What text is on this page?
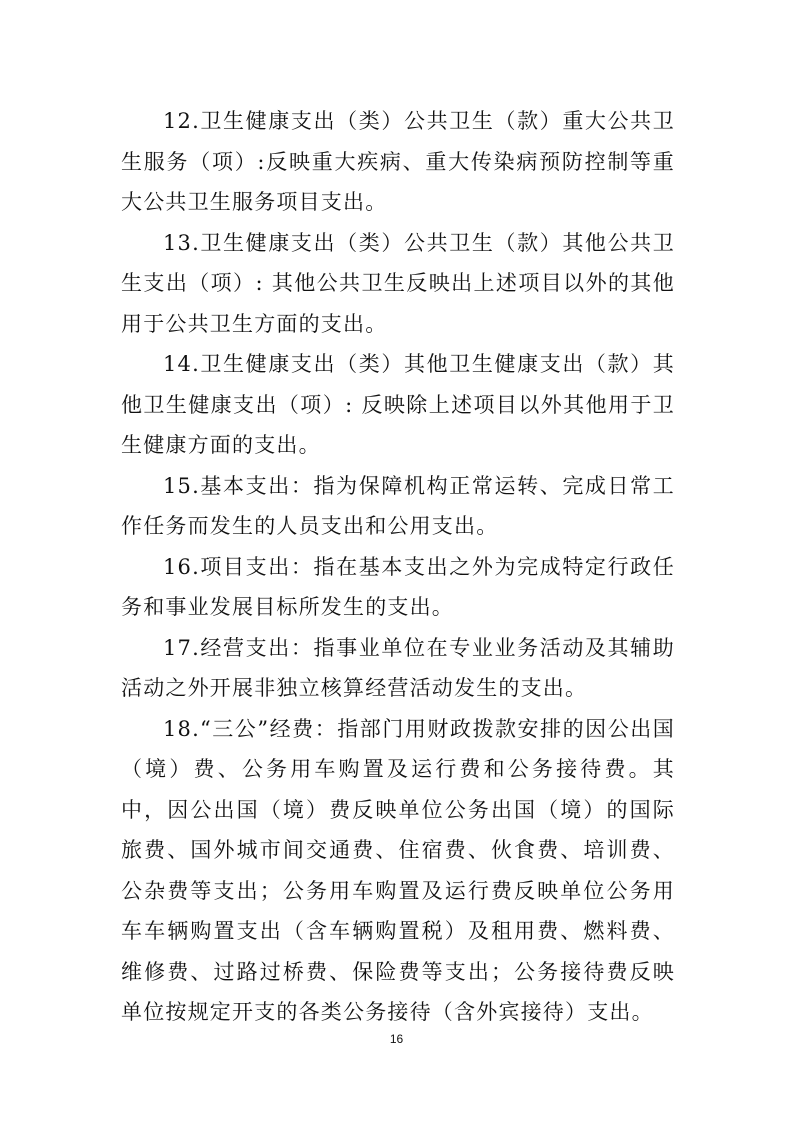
12.卫生健康支出（类）公共卫生（款）重大公共卫生服务（项）:反映重大疾病、重大传染病预防控制等重大公共卫生服务项目支出。

13.卫生健康支出（类）公共卫生（款）其他公共卫生支出（项）: 其他公共卫生反映出上述项目以外的其他用于公共卫生方面的支出。

14.卫生健康支出（类）其他卫生健康支出（款）其他卫生健康支出（项）: 反映除上述项目以外其他用于卫生健康方面的支出。

15.基本支出：指为保障机构正常运转、完成日常工作任务而发生的人员支出和公用支出。

16.项目支出：指在基本支出之外为完成特定行政任务和事业发展目标所发生的支出。

17.经营支出：指事业单位在专业业务活动及其辅助活动之外开展非独立核算经营活动发生的支出。

18.“三公”经费：指部门用财政拨款安排的因公出国（境）费、公务用车购置及运行费和公务接待费。其中，因公出国（境）费反映单位公务出国（境）的国际旅费、国外城市间交通费、住宿费、伙食费、培训费、公杂费等支出；公务用车购置及运行费反映单位公务用车车辆购置支出（含车辆购置税）及租用费、燃料费、维修费、过路过桥费、保险费等支出；公务接待费反映单位按规定开支的各类公务接待（含外宾接待）支出。

16
